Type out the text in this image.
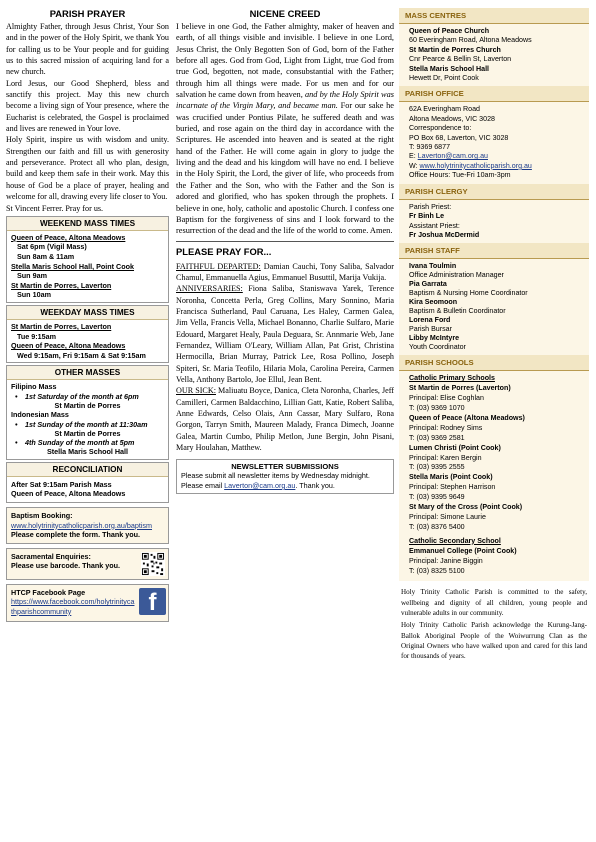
PARISH PRAYER

Almighty Father, through Jesus Christ, Your Son and in the power of the Holy Spirit, we thank You for calling us to be Your people and for guiding us to this sacred mission of acquiring land for a new church.

Lord Jesus, our Good Shepherd, bless and sanctify this project. May this new church become a living sign of Your presence, where the Eucharist is celebrated, the Gospel is proclaimed and lives are renewed in Your love.

Holy Spirit, inspire us with wisdom and unity. Strengthen our faith and fill us with generosity and perseverance. Protect all who plan, design, build and keep them safe in their work. May this house of God be a place of prayer, healing and welcome for all, drawing every life closer to You.

St Vincent Ferrer. Pray for us.

WEEKEND MASS TIMES
Queen of Peace, Altona Meadows
Sat 6pm (Vigil Mass)
Sun 8am & 11am
Stella Maris School Hall, Point Cook
Sun 9am
St Martin de Porres, Laverton
Sun 10am
WEEKDAY MASS TIMES
St Martin de Porres, Laverton
Tue 9:15am
Queen of Peace, Altona Meadows
Wed 9:15am, Fri 9:15am & Sat 9:15am
OTHER MASSES
Filipino Mass
• 1st Saturday of the month at 6pm
St Martin de Porres
Indonesian Mass
• 1st Sunday of the month at 11:30am
St Martin de Porres
• 4th Sunday of the month at 5pm
Stella Maris School Hall
RECONCILIATION
After Sat 9:15am Parish Mass
Queen of Peace, Altona Meadows
Baptism Booking:
www.holytrinitycatholicparish.org.au/baptism
Please complete the form. Thank you.
Sacramental Enquiries:
Please use barcode. Thank you.
HTCP Facebook Page
https://www.facebook.com/holytrinitycathparishcommunity	f
NICENE CREED
I believe in one God, the Father almighty, maker of heaven and earth, of all things visible and invisible. I believe in one Lord, Jesus Christ, the Only Begotten Son of God, born of the Father before all ages. God from God, Light from Light, true God from true God, begotten, not made, consubstantial with the Father; through him all things were made. For us men and for our salvation he came down from heaven, and by the Holy Spirit was incarnate of the Virgin Mary, and became man. For our sake he was crucified under Pontius Pilate, he suffered death and was buried, and rose again on the third day in accordance with the Scriptures. He ascended into heaven and is seated at the right hand of the Father. He will come again in glory to judge the living and the dead and his kingdom will have no end. I believe in the Holy Spirit, the Lord, the giver of life, who proceeds from the Father and the Son, who with the Father and the Son is adored and glorified, who has spoken through the prophets. I believe in one, holy, catholic and apostolic Church. I confess one Baptism for the forgiveness of sins and I look forward to the resurrection of the dead and the life of the world to come. Amen.
PLEASE PRAY FOR...
FAITHFUL DEPARTED: Damian Cauchi, Tony Saliba, Salvador Chamul, Emmanuella Agius, Emmanuel Busuttil, Marija Vukija.
ANNIVERSARIES: Fiona Saliba, Staniswava Yarek, Terence Noronha, Concetta Perla, Greg Collins, Mary Sonnino, Maria Francisca Sutherland, Paul Caruana, Les Haley, Carmen Galea, Jim Vella, Francis Vella, Michael Bonanno, Charlie Sulfaro, Marie Edouard, Margaret Healy, Paula Deguara, Sr. Annmarie Web, Jane Fernandez, William O'Leary, William Allan, Pat Grist, Christina Hermocilla, Brian Murray, Patrick Lee, Rosa Pollino, Joseph Spiteri, Sr. Maria Teofilo, Hilaria Mola, Carolina Pereira, Carmen Vella, Anthony Bartolo, Joe Ellul, Jean Bent.
OUR SICK: Maliuatu Boyce, Danica, Cleta Noronha, Charles, Jeff Camilleri, Carmen Baldacchino, Lillian Gatt, Katie, Robert Saliba, Anne Edwards, Celso Olais, Ann Cassar, Mary Sulfaro, Rona Gorgon, Tarryn Smith, Maureen Malady, Franca Dimech, Joanne Galea, Martin Cumbo, Philip Metlon, June Bergin, John Pisani, Mary Houlahan, Matthew.
NEWSLETTER SUBMISSIONS
Please submit all newsletter items by Wednesday midnight.
Please email Laverton@cam.org.au. Thank you.
MASS CENTRES
Queen of Peace Church
60 Everingham Road, Altona Meadows
St Martin de Porres Church
Cnr Pearce & Bellin St, Laverton
Stella Maris School Hall
Hewett Dr, Point Cook
PARISH OFFICE
62A Everingham Road
Altona Meadows, VIC 3028
Correspondence to:
PO Box 68, Laverton, VIC 3028
T: 9369 6877
E: Laverton@cam.org.au
W: www.holytrinitycatholicparish.org.au
Office Hours: Tue-Fri 10am-3pm
PARISH CLERGY
Parish Priest:
Fr Binh Le
Assistant Priest:
Fr Joshua McDermid
PARISH STAFF
Ivana Toulmin
Office Administration Manager
Pia Garrata
Baptism & Nursing Home Coordinator
Kira Seomoon
Baptism & Bulletin Coordinator
Lorena Ford
Parish Bursar
Libby McIntyre
Youth Coordinator
PARISH SCHOOLS
Catholic Primary Schools
St Martin de Porres (Laverton)
Principal: Elise Coghlan
T: (03) 9369 1070
Queen of Peace (Altona Meadows)
Principal: Rodney Sims
T: (03) 9369 2581
Lumen Christi (Point Cook)
Principal: Karen Bergin
T: (03) 9395 2555
Stella Maris (Point Cook)
Principal: Stephen Harrison
T: (03) 9395 9649
St Mary of the Cross (Point Cook)
Principal: Simone Laurie
T: (03) 8376 5400
Catholic Secondary School
Emmanuel College (Point Cook)
Principal: Janine Biggin
T: (03) 8325 5100
Holy Trinity Catholic Parish is committed to the safety, wellbeing and dignity of all children, young people and vulnerable adults in our community.
Holy Trinity Catholic Parish acknowledge the Kurung-Jang-Ballok Aboriginal People of the Woiwurrung Clan as the Original Owners who have walked upon and cared for this land for thousands of years.
